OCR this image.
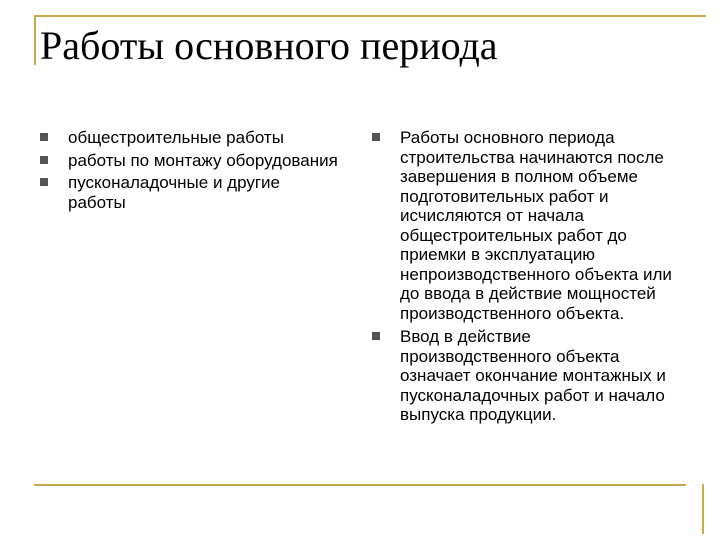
Работы основного периода
общестроительные работы
работы по монтажу оборудования
пусконаладочные и другие работы
Работы основного периода строительства начинаются после завершения в полном объеме подготовительных работ и исчисляются от начала общестроительных работ до приемки в эксплуатацию непроизводственного объекта или до ввода в действие мощностей производственного объекта.
Ввод в действие производственного объекта означает окончание монтажных и пусконаладочных работ и начало выпуска продукции.
